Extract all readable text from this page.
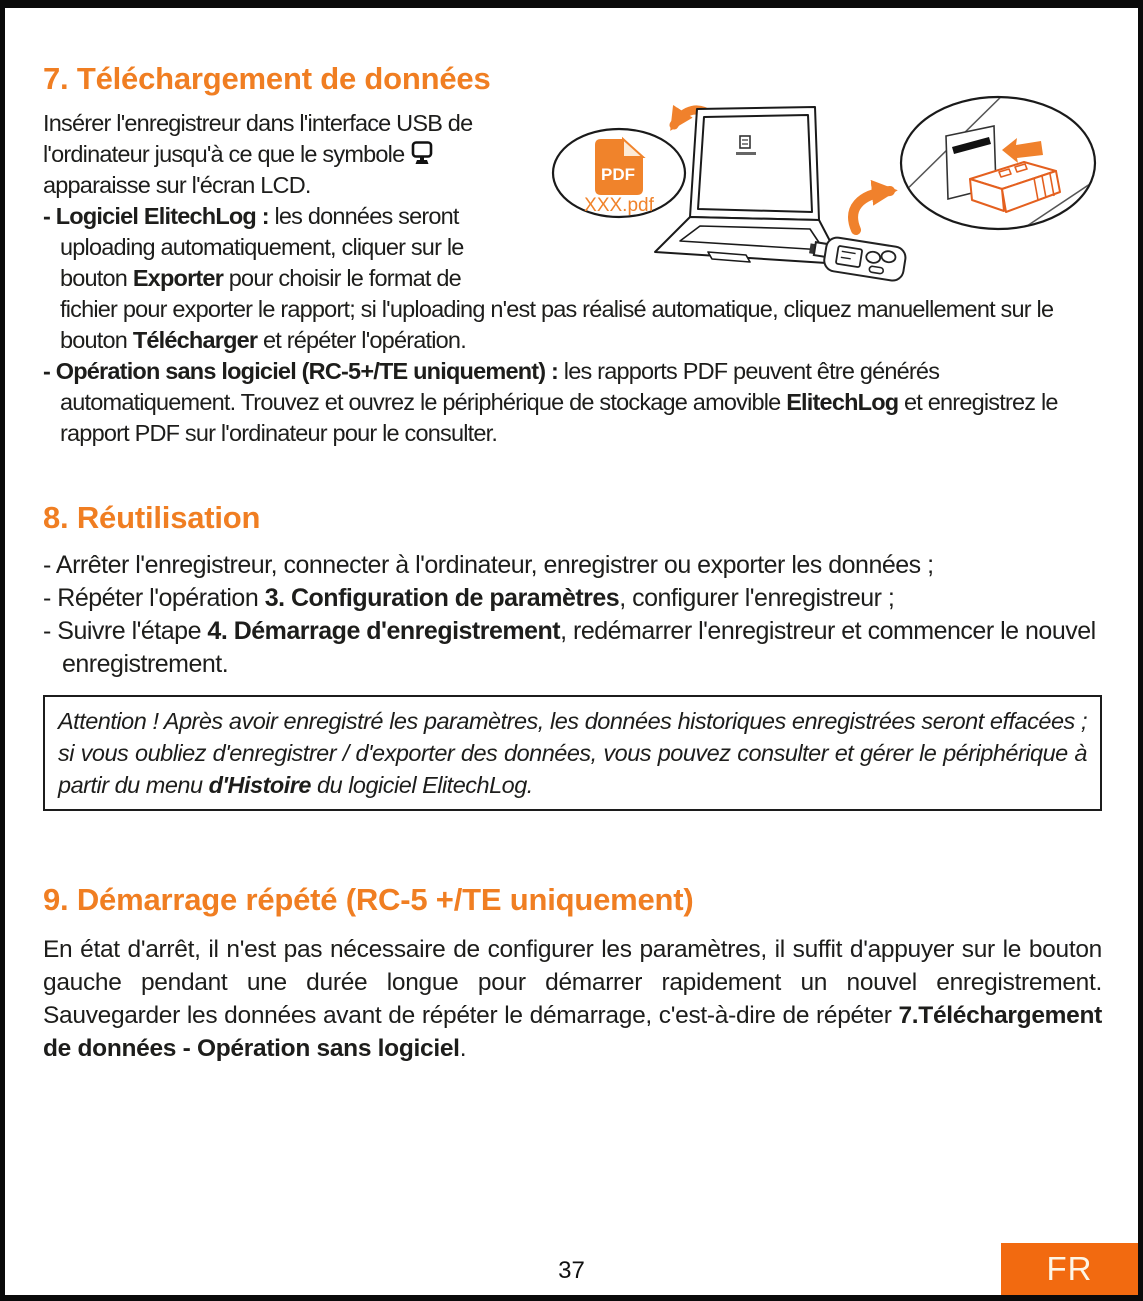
7. Téléchargement de données
PDF
XXX.pdf

Insérer l'enregistreur dans l'interface USB de l'ordinateur jusqu'à ce que le symbole  apparaisse sur l'écran LCD.

- Logiciel ElitechLog : les données seront uploading automatiquement, cliquer sur le bouton Exporter pour choisir le format de fichier pour exporter le rapport; si l'uploading n'est pas réalisé automatique, cliquez manuellement sur le bouton Télécharger et répéter l'opération.

- Opération sans logiciel (RC-5+/TE uniquement) : les rapports PDF peuvent être générés automatiquement. Trouvez et ouvrez le périphérique de stockage amovible ElitechLog et enregistrez le rapport PDF sur l'ordinateur pour le consulter.

8. Réutilisation

- Arrêter l'enregistreur, connecter à l'ordinateur, enregistrer ou exporter les données ;

- Répéter l'opération 3. Configuration de paramètres, configurer l'enregistreur ;

- Suivre l'étape 4. Démarrage d'enregistrement, redémarrer l'enregistreur et commencer le nouvel enregistrement.

Attention ! Après avoir enregistré les paramètres, les données historiques enregistrées seront effacées ; si vous oubliez d'enregistrer / d'exporter des données, vous pouvez consulter et gérer le périphérique à partir du menu d'Histoire du logiciel ElitechLog.
9. Démarrage répété (RC-5 +/TE uniquement)

En état d'arrêt, il n'est pas nécessaire de configurer les paramètres, il suffit d'appuyer sur le bouton gauche pendant une durée longue pour démarrer rapidement un nouvel enregistrement. Sauvegarder les données avant de répéter le démarrage, c'est-à-dire de répéter 7.Téléchargement de données - Opération sans logiciel.

37	FR
